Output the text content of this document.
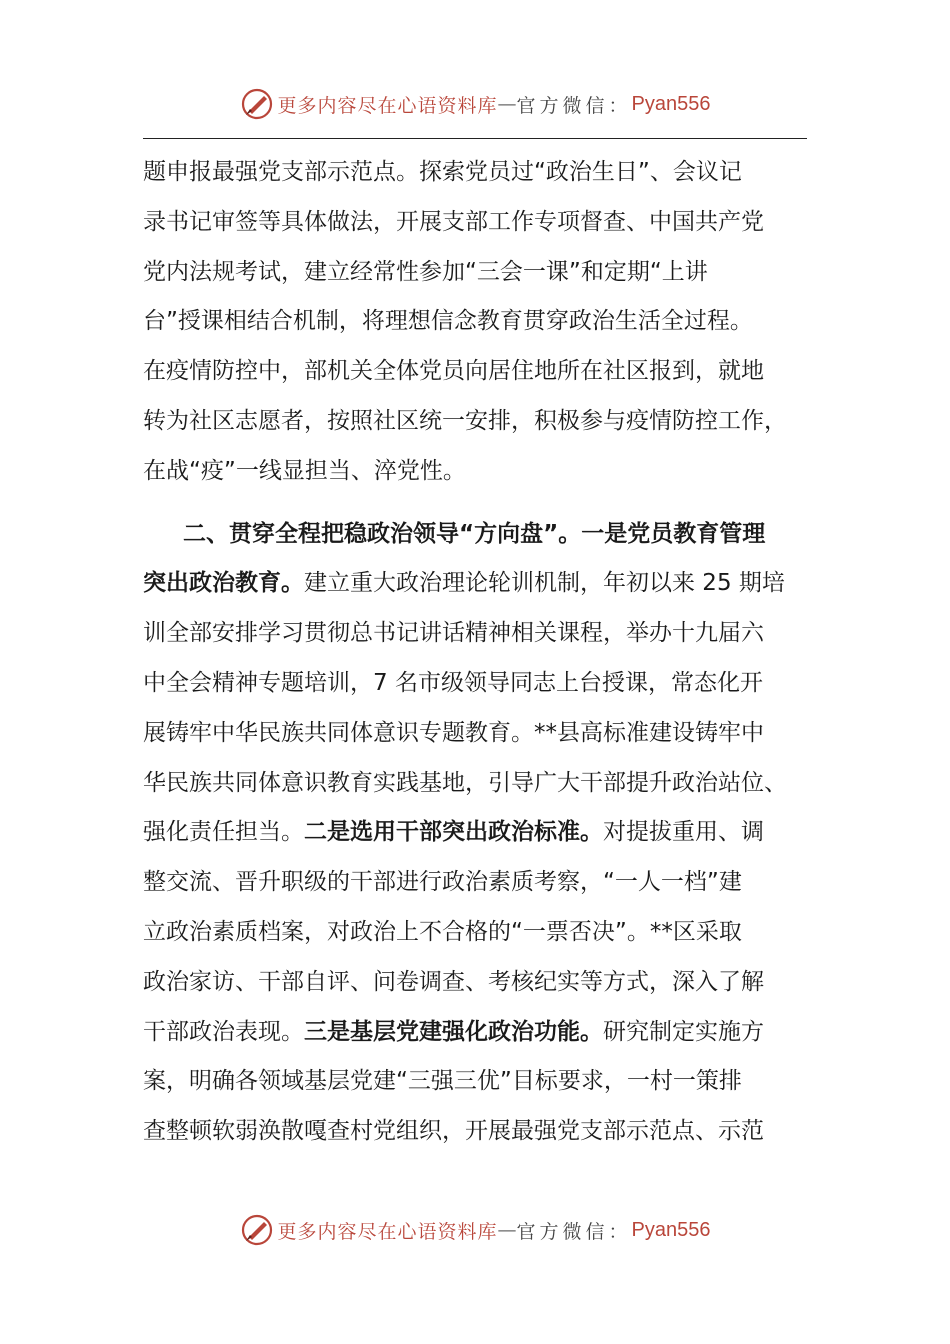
更多内容尽在心语资料库 — 官方微信： Pyan556
题申报最强党支部示范点。探索党员过“政治生日”、会议记
录书记审签等具体做法，开展支部工作专项督查、中国共产党
党内法规考试，建立经常性参加“三会一课”和定期“上讲
台”授课相结合机制，将理想信念教育贯穿政治生活全过程。
在疫情防控中，部机关全体党员向居住地所在社区报到，就地
转为社区志愿者，按照社区统一安排，积极参与疫情防控工作，
在战“疫”一线显担当、淬党性。
二、贯穿全程把稳政治领导“方向盘”。一是党员教育管理
突出政治教育。建立重大政治理论轮训机制，年初以来 25 期培
训全部安排学习贯彻总书记讲话精神相关课程，举办十九届六
中全会精神专题培训，7 名市级领导同志上台授课，常态化开
展铸牢中华民族共同体意识专题教育。**县高标准建设铸牢中
华民族共同体意识教育实践基地，引导广大干部提升政治站位、
强化责任担当。二是选用干部突出政治标准。对提拔重用、调
整交流、晋升职级的干部进行政治素质考察，“一人一档”建
立政治素质档案，对政治上不合格的“一票否决”。**区采取
政治家访、干部自评、问卷调查、考核纪实等方式，深入了解
干部政治表现。三是基层党建强化政治功能。研究制定实施方
案，明确各领域基层党建“三强三优”目标要求，一村一策排
查整顿软弱涣散嘎查村党组织，开展最强党支部示范点、示范
更多内容尽在心语资料库 — 官方微信： Pyan556
